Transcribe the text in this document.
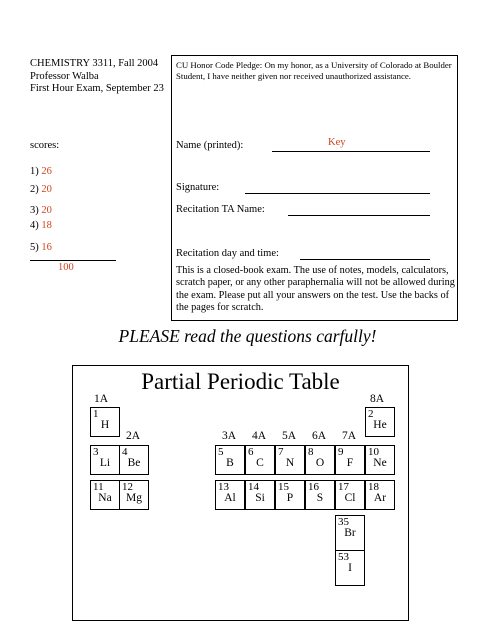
CHEMISTRY 3311, Fall 2004
Professor Walba
First Hour Exam, September 23
scores:
1) 26
2) 20
3) 20
4) 18
5) 16
100
CU Honor Code Pledge: On my honor, as a University of Colorado at Boulder Student, I have neither given nor received unauthorized assistance.
Name (printed):	Key
Signature:
Recitation TA Name:
Recitation day and time:
This is a closed-book exam. The use of notes, models, calculators, scratch paper, or any other paraphernalia will not be allowed during the exam. Please put all your answers on the test. Use the backs of the pages for scratch.
PLEASE read the questions carfully!
Partial Periodic Table
1A
2A	3A 4A 5A 6A 7A
8A
1
H
2
He
3
Li
4
Be
5
B
6
C
7
N
8
O
9
F
10
Ne
11
Na
12
Mg
13
Al
14
Si
15
P
16
S
17
Cl
18
Ar
35
Br
53
I
